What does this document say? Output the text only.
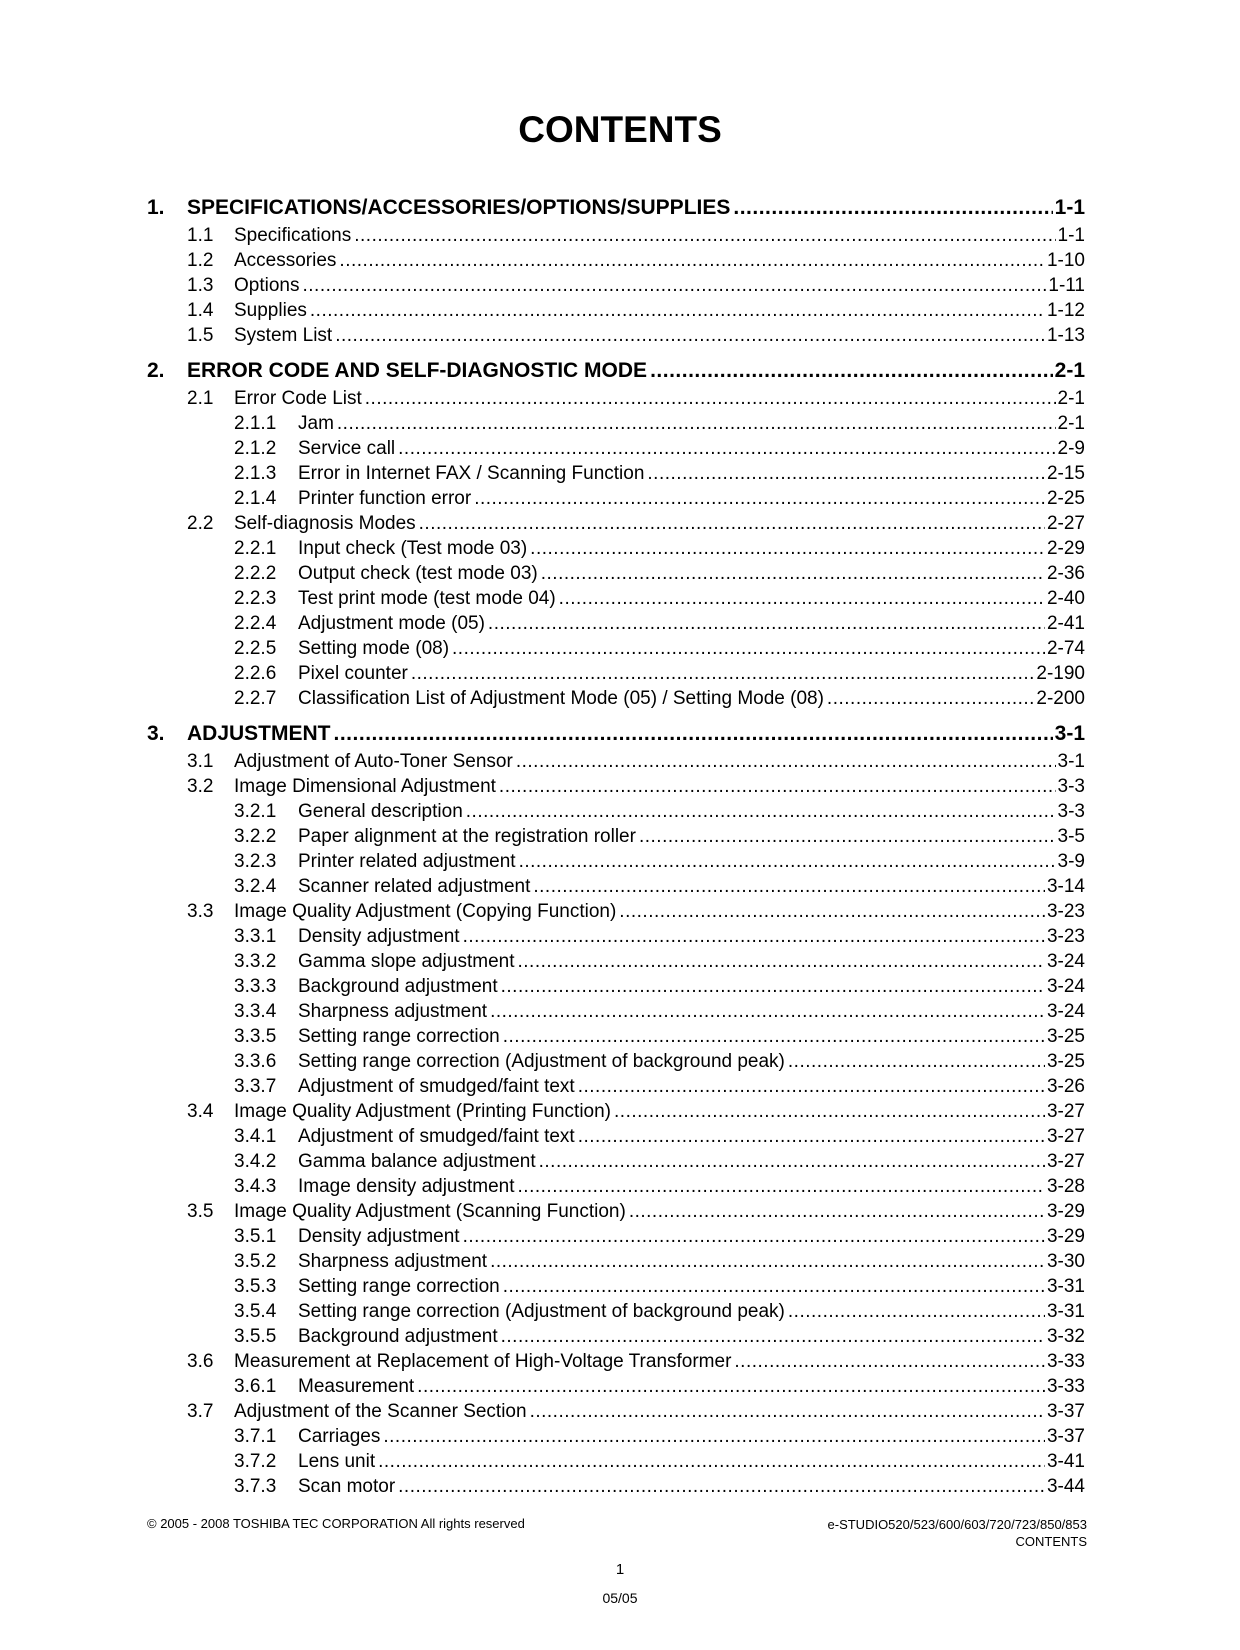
CONTENTS
1.	SPECIFICATIONS/ACCESSORIES/OPTIONS/SUPPLIES .....	1-1
1.1	Specifications .....	1-1
1.2	Accessories .....	1-10
1.3	Options .....	1-11
1.4	Supplies .....	1-12
1.5	System List .....	1-13
2.	ERROR CODE AND SELF-DIAGNOSTIC MODE .....	2-1
2.1	Error Code List .....	2-1
2.1.1	Jam .....	2-1
2.1.2	Service call .....	2-9
2.1.3	Error in Internet FAX / Scanning Function .....	2-15
2.1.4	Printer function error .....	2-25
2.2	Self-diagnosis Modes .....	2-27
2.2.1	Input check (Test mode 03) .....	2-29
2.2.2	Output check (test mode 03) .....	2-36
2.2.3	Test print mode (test mode 04) .....	2-40
2.2.4	Adjustment mode (05) .....	2-41
2.2.5	Setting mode (08) .....	2-74
2.2.6	Pixel counter .....	2-190
2.2.7	Classification List of Adjustment Mode (05) / Setting Mode (08) .....	2-200
3.	ADJUSTMENT .....	3-1
3.1	Adjustment of Auto-Toner Sensor .....	3-1
3.2	Image Dimensional Adjustment .....	3-3
3.2.1	General description .....	3-3
3.2.2	Paper alignment at the registration roller .....	3-5
3.2.3	Printer related adjustment .....	3-9
3.2.4	Scanner related adjustment .....	3-14
3.3	Image Quality Adjustment (Copying Function) .....	3-23
3.3.1	Density adjustment .....	3-23
3.3.2	Gamma slope adjustment .....	3-24
3.3.3	Background adjustment .....	3-24
3.3.4	Sharpness adjustment .....	3-24
3.3.5	Setting range correction .....	3-25
3.3.6	Setting range correction (Adjustment of background peak) .....	3-25
3.3.7	Adjustment of smudged/faint text .....	3-26
3.4	Image Quality Adjustment (Printing Function) .....	3-27
3.4.1	Adjustment of smudged/faint text .....	3-27
3.4.2	Gamma balance adjustment .....	3-27
3.4.3	Image density adjustment .....	3-28
3.5	Image Quality Adjustment (Scanning Function) .....	3-29
3.5.1	Density adjustment .....	3-29
3.5.2	Sharpness adjustment .....	3-30
3.5.3	Setting range correction .....	3-31
3.5.4	Setting range correction (Adjustment of background peak) .....	3-31
3.5.5	Background adjustment .....	3-32
3.6	Measurement at Replacement of High-Voltage Transformer .....	3-33
3.6.1	Measurement .....	3-33
3.7	Adjustment of the Scanner Section .....	3-37
3.7.1	Carriages .....	3-37
3.7.2	Lens unit .....	3-41
3.7.3	Scan motor .....	3-44
© 2005 - 2008 TOSHIBA TEC CORPORATION All rights reserved	e-STUDIO520/523/600/603/720/723/850/853
CONTENTS
1
05/05
